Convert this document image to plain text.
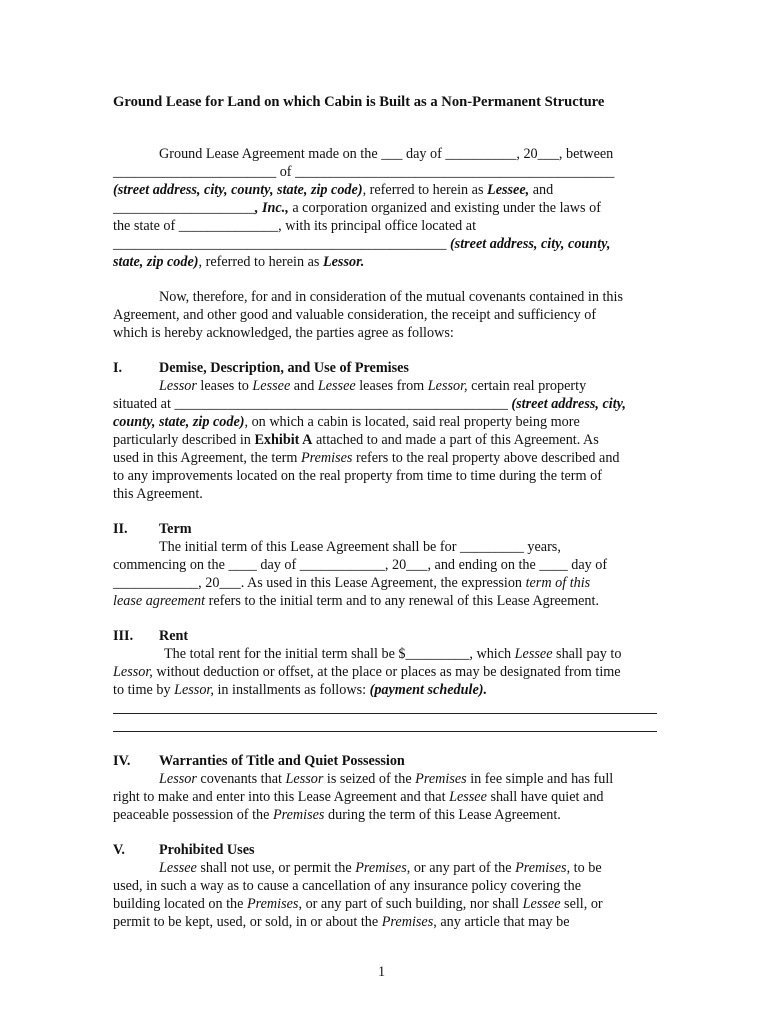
Ground Lease for Land on which Cabin is Built as a Non-Permanent Structure
Ground Lease Agreement made on the ___ day of __________, 20___, between
_______________________ of _____________________________________________
(street address, city, county, state, zip code), referred to herein as Lessee, and
____________________, Inc., a corporation organized and existing under the laws of
the state of ______________, with its principal office located at
_______________________________________________ (street address, city, county,
state, zip code), referred to herein as Lessor.
Now, therefore, for and in consideration of the mutual covenants contained in this
Agreement, and other good and valuable consideration, the receipt and sufficiency of
which is hereby acknowledged, the parties agree as follows:
I.	Demise, Description, and Use of Premises
Lessor leases to Lessee and Lessee leases from Lessor, certain real property
situated at _______________________________________________ (street address, city,
county, state, zip code), on which a cabin is located, said real property being more
particularly described in Exhibit A attached to and made a part of this Agreement. As
used in this Agreement, the term Premises refers to the real property above described and
to any improvements located on the real property from time to time during the term of
this Agreement.
II. Term
The initial term of this Lease Agreement shall be for _________ years,
commencing on the ____ day of ____________, 20___, and ending on the ____ day of
____________, 20___. As used in this Lease Agreement, the expression term of this
lease agreement refers to the initial term and to any renewal of this Lease Agreement.
III. Rent
The total rent for the initial term shall be $_________, which Lessee shall pay to
Lessor, without deduction or offset, at the place or places as may be designated from time
to time by Lessor, in installments as follows: (payment schedule).
IV. Warranties of Title and Quiet Possession
Lessor covenants that Lessor is seized of the Premises in fee simple and has full
right to make and enter into this Lease Agreement and that Lessee shall have quiet and
peaceable possession of the Premises during the term of this Lease Agreement.
V. Prohibited Uses
Lessee shall not use, or permit the Premises, or any part of the Premises, to be
used, in such a way as to cause a cancellation of any insurance policy covering the
building located on the Premises, or any part of such building, nor shall Lessee sell, or
permit to be kept, used, or sold, in or about the Premises, any article that may be
1
